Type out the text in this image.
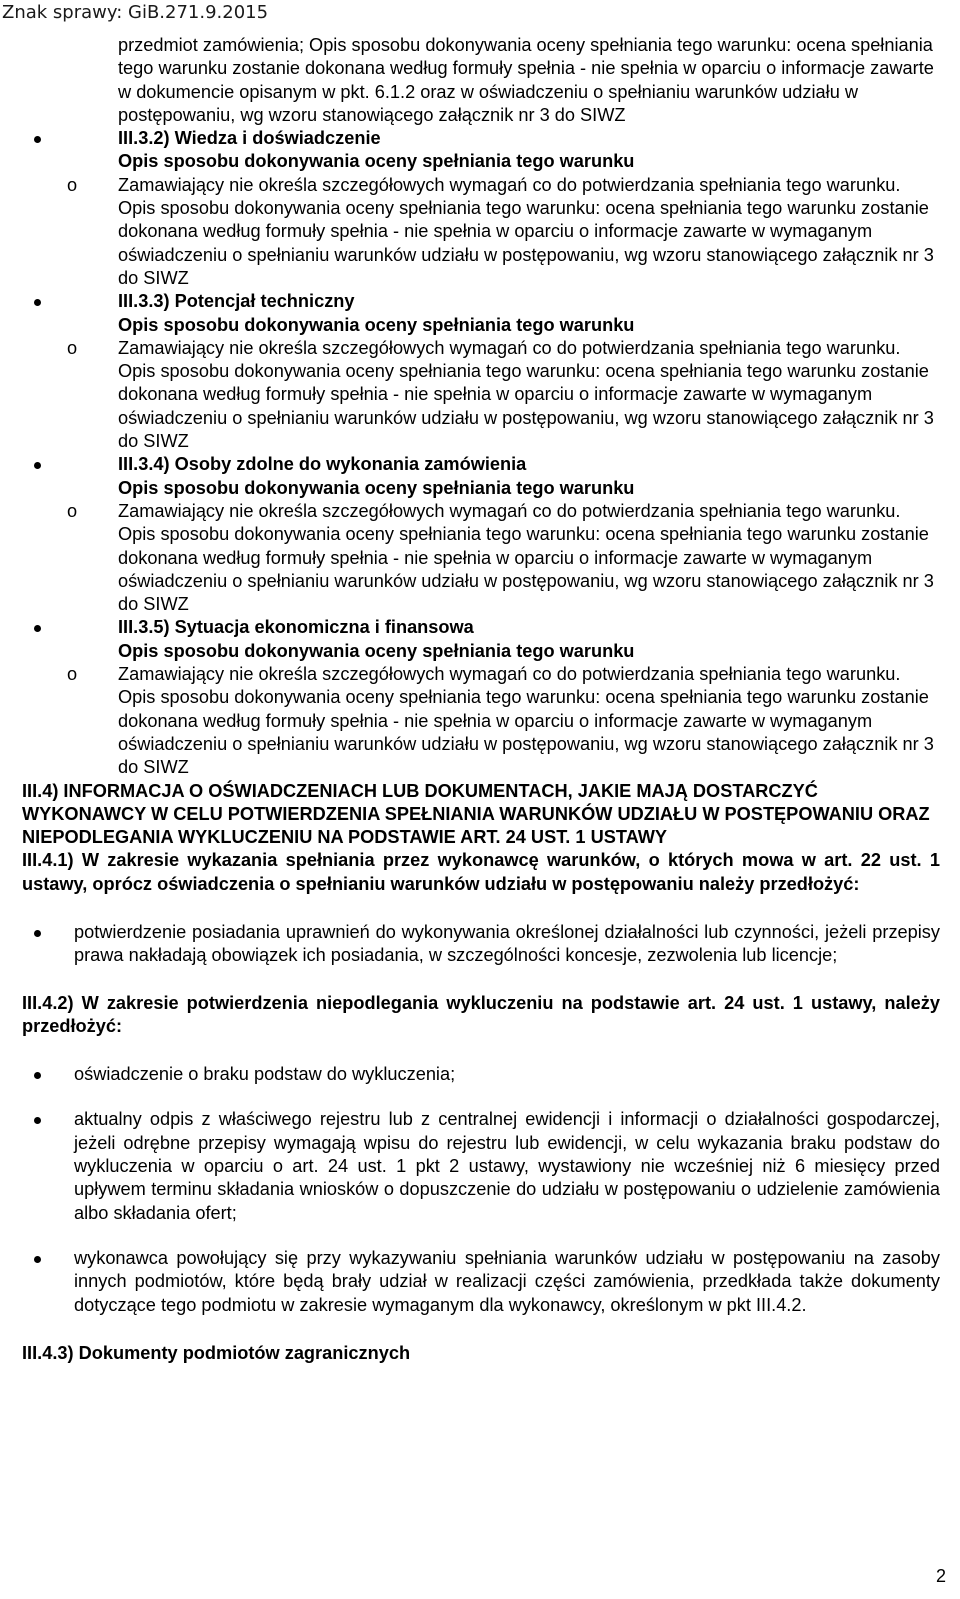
Znak sprawy: GiB.271.9.2015

przedmiot zamówienia; Opis sposobu dokonywania oceny spełniania tego warunku: ocena spełniania tego warunku zostanie dokonana według formuły spełnia - nie spełnia w oparciu o informacje zawarte w dokumencie opisanym w pkt. 6.1.2 oraz w oświadczeniu o spełnianiu warunków udziału w postępowaniu, wg wzoru stanowiącego załącznik nr 3 do SIWZ

III.3.2) Wiedza i doświadczenie

Opis sposobu dokonywania oceny spełniania tego warunku

o Zamawiający nie określa szczegółowych wymagań co do potwierdzania spełniania tego warunku. Opis sposobu dokonywania oceny spełniania tego warunku: ocena spełniania tego warunku zostanie dokonana według formuły spełnia - nie spełnia w oparciu o informacje zawarte w wymaganym oświadczeniu o spełnianiu warunków udziału w postępowaniu, wg wzoru stanowiącego załącznik nr 3 do SIWZ

III.3.3) Potencjał techniczny

Opis sposobu dokonywania oceny spełniania tego warunku

o Zamawiający nie określa szczegółowych wymagań co do potwierdzania spełniania tego warunku. Opis sposobu dokonywania oceny spełniania tego warunku: ocena spełniania tego warunku zostanie dokonana według formuły spełnia - nie spełnia w oparciu o informacje zawarte w wymaganym oświadczeniu o spełnianiu warunków udziału w postępowaniu, wg wzoru stanowiącego załącznik nr 3 do SIWZ

III.3.4) Osoby zdolne do wykonania zamówienia

Opis sposobu dokonywania oceny spełniania tego warunku

o Zamawiający nie określa szczegółowych wymagań co do potwierdzania spełniania tego warunku. Opis sposobu dokonywania oceny spełniania tego warunku: ocena spełniania tego warunku zostanie dokonana według formuły spełnia - nie spełnia w oparciu o informacje zawarte w wymaganym oświadczeniu o spełnianiu warunków udziału w postępowaniu, wg wzoru stanowiącego załącznik nr 3 do SIWZ

III.3.5) Sytuacja ekonomiczna i finansowa

Opis sposobu dokonywania oceny spełniania tego warunku

o Zamawiający nie określa szczegółowych wymagań co do potwierdzania spełniania tego warunku. Opis sposobu dokonywania oceny spełniania tego warunku: ocena spełniania tego warunku zostanie dokonana według formuły spełnia - nie spełnia w oparciu o informacje zawarte w wymaganym oświadczeniu o spełnianiu warunków udziału w postępowaniu, wg wzoru stanowiącego załącznik nr 3 do SIWZ

III.4) INFORMACJA O OŚWIADCZENIACH LUB DOKUMENTACH, JAKIE MAJĄ DOSTARCZYĆ WYKONAWCY W CELU POTWIERDZENIA SPEŁNIANIA WARUNKÓW UDZIAŁU W POSTĘPOWANIU ORAZ NIEPODLEGANIA WYKLUCZENIU NA PODSTAWIE ART. 24 UST. 1 USTAWY

III.4.1) W zakresie wykazania spełniania przez wykonawcę warunków, o których mowa w art. 22 ust. 1 ustawy, oprócz oświadczenia o spełnianiu warunków udziału w postępowaniu należy przedłożyć:

potwierdzenie posiadania uprawnień do wykonywania określonej działalności lub czynności, jeżeli przepisy prawa nakładają obowiązek ich posiadania, w szczególności koncesje, zezwolenia lub licencje;

III.4.2) W zakresie potwierdzenia niepodlegania wykluczeniu na podstawie art. 24 ust. 1 ustawy, należy przedłożyć:

oświadczenie o braku podstaw do wykluczenia;

aktualny odpis z właściwego rejestru lub z centralnej ewidencji i informacji o działalności gospodarczej, jeżeli odrębne przepisy wymagają wpisu do rejestru lub ewidencji, w celu wykazania braku podstaw do wykluczenia w oparciu o art. 24 ust. 1 pkt 2 ustawy, wystawiony nie wcześniej niż 6 miesięcy przed upływem terminu składania wniosków o dopuszczenie do udziału w postępowaniu o udzielenie zamówienia albo składania ofert;

wykonawca powołujący się przy wykazywaniu spełniania warunków udziału w postępowaniu na zasoby innych podmiotów, które będą brały udział w realizacji części zamówienia, przedkłada także dokumenty dotyczące tego podmiotu w zakresie wymaganym dla wykonawcy, określonym w pkt III.4.2.

III.4.3) Dokumenty podmiotów zagranicznych

2
